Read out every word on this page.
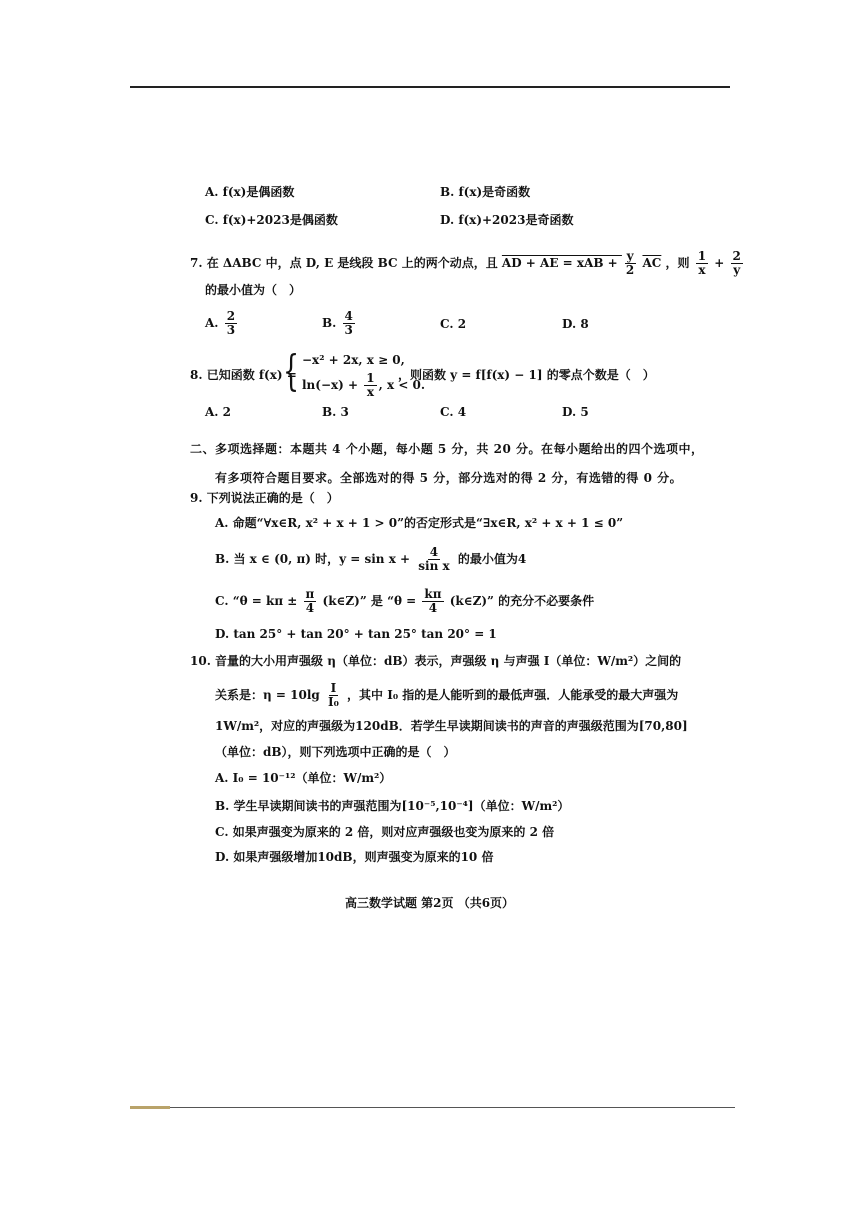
A. f(x)是偶函数	B. f(x)是奇函数
C. f(x)+2023是偶函数	D. f(x)+2023是奇函数
7. 在 ΔABC 中，点 D, E 是线段 BC 上的两个动点，且 AD + AE = xAB + $\frac{y}{2} \overline{AC}$ ，则 $\frac{1}{x} + \frac{2}{y}$
的最小值为（　）
A. $\frac{2}{3}$	B. $\frac{4}{3}$	C. 2	D. 8
8. 已知函数 f(x) =
{ −x² + 2x, x ≥ 0,
$\ln(-x) + \frac{1}{x}$ , x < 0.
，则函数 y = f[f(x) − 1] 的零点个数是（　）
A. 2	B. 3	C. 4	D. 5
二、多项选择题：本题共 4 个小题，每小题 5 分，共 20 分。在每小题给出的四个选项中，
有多项符合题目要求。全部选对的得 5 分，部分选对的得 2 分，有选错的得 0 分。
9. 下列说法正确的是（　）
A. 命题“∀x∈R, x² + x + 1 > 0”的否定形式是“∃x∈R, x² + x + 1 ≤ 0”
B. 当 x ∈ (0, π) 时，$y = \sin x + \frac{4}{\text{sin x}}$ 的最小值为4
C. “$\theta = k\pi \pm \frac{\pi}{4}$ (k∈Z)” 是 “$\theta = \frac{k\pi}{4}$ (k∈Z)” 的充分不必要条件
D. tan 25° + tan 20° + tan 25° tan 20° = 1
10. 音量的大小用声强级 η（单位：dB）表示，声强级 η 与声强 I（单位：W/m²）之间的
关系是：$\eta = 10\lg \frac{I}{\text{I₀}}$ ，其中 I₀ 指的是人能听到的最低声强．人能承受的最大声强为
1W/m²，对应的声强级为120dB．若学生早读期间读书的声音的声强级范围为[70,80]
（单位：dB），则下列选项中正确的是（　）
A. I₀ = 10⁻¹²（单位：W/m²）
B. 学生早读期间读书的声强范围为[10⁻⁵,10⁻⁴]（单位：W/m²）
C. 如果声强变为原来的 2 倍，则对应声强级也变为原来的 2 倍
D. 如果声强级增加10dB，则声强变为原来的10 倍
高三数学试题 第2页 （共6页）
